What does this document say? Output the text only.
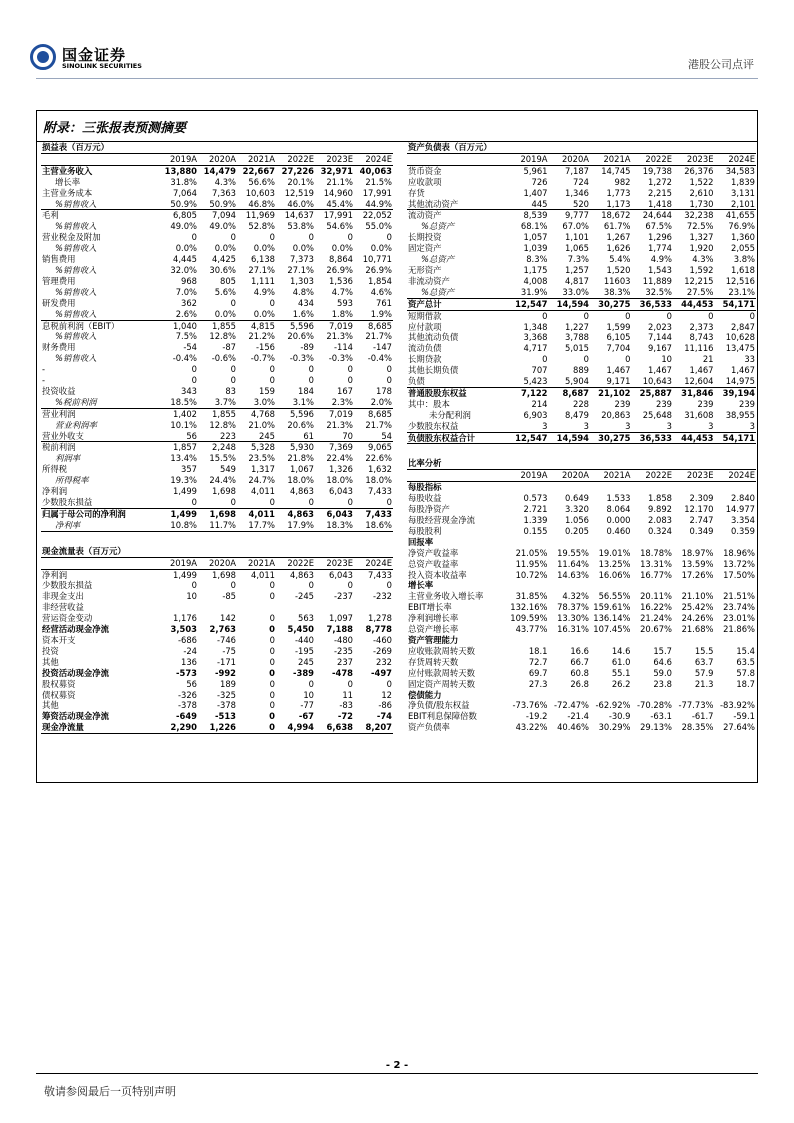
国金证券
SINOLINK SECURITIES	港股公司点评
附录：三张报表预测摘要
损益表（百万元）						
	2019A	2020A	2021A	2022E	2023E	2024E
主营业务收入	13,880	14,479	22,667	27,226	32,971	40,063
增长率	31.8%	4.3%	56.6%	20.1%	21.1%	21.5%
主营业务成本	7,064	7,363	10,603	12,519	14,960	17,991
%销售收入	50.9%	50.9%	46.8%	46.0%	45.4%	44.9%
毛利	6,805	7,094	11,969	14,637	17,991	22,052
%销售收入	49.0%	49.0%	52.8%	53.8%	54.6%	55.0%
营业税金及附加	0	0	0	0	0	0
%销售收入	0.0%	0.0%	0.0%	0.0%	0.0%	0.0%
销售费用	4,445	4,425	6,138	7,373	8,864	10,771
%销售收入	32.0%	30.6%	27.1%	27.1%	26.9%	26.9%
管理费用	968	805	1,111	1,303	1,536	1,854
%销售收入	7.0%	5.6%	4.9%	4.8%	4.7%	4.6%
研发费用	362	0	0	434	593	761
%销售收入	2.6%	0.0%	0.0%	1.6%	1.8%	1.9%
息税前利润（EBIT）	1,040	1,855	4,815	5,596	7,019	8,685
%销售收入	7.5%	12.8%	21.2%	20.6%	21.3%	21.7%
财务费用	-54	-87	-156	-89	-114	-147
%销售收入	-0.4%	-0.6%	-0.7%	-0.3%	-0.3%	-0.4%
-	0	0	0	0	0	0
-	0	0	0	0	0	0
投资收益	343	83	159	184	167	178
%税前利润	18.5%	3.7%	3.0%	3.1%	2.3%	2.0%
营业利润	1,402	1,855	4,768	5,596	7,019	8,685
营业利润率	10.1%	12.8%	21.0%	20.6%	21.3%	21.7%
营业外收支	56	223	245	61	70	54
税前利润	1,857	2,248	5,328	5,930	7,369	9,065
利润率	13.4%	15.5%	23.5%	21.8%	22.4%	22.6%
所得税	357	549	1,317	1,067	1,326	1,632
所得税率	19.3%	24.4%	24.7%	18.0%	18.0%	18.0%
净利润	1,499	1,698	4,011	4,863	6,043	7,433
少数股东损益	0	0	0	0	0	0
归属于母公司的净利润	1,499	1,698	4,011	4,863	6,043	7,433
净利率	10.8%	11.7%	17.7%	17.9%	18.3%	18.6%
现金流量表（百万元）						
	2019A	2020A	2021A	2022E	2023E	2024E
净利润	1,499	1,698	4,011	4,863	6,043	7,433
少数股东损益	0	0	0	0	0	0
非现金支出	10	-85	0	-245	-237	-232
非经营收益						
营运资金变动	1,176	142	0	563	1,097	1,278
经营活动现金净流	3,503	2,763	0	5,450	7,188	8,778
资本开支	-686	-746	0	-440	-480	-460
投资	-24	-75	0	-195	-235	-269
其他	136	-171	0	245	237	232
投资活动现金净流	-573	-992	0	-389	-478	-497
股权募资	56	189	0	0	0	0
债权募资	-326	-325	0	10	11	12
其他	-378	-378	0	-77	-83	-86
筹资活动现金净流	-649	-513	0	-67	-72	-74
现金净流量	2,290	1,226	0	4,994	6,638	8,207
资产负债表（百万元）						
	2019A	2020A	2021A	2022E	2023E	2024E
货币资金	5,961	7,187	14,745	19,738	26,376	34,583
应收款项	726	724	982	1,272	1,522	1,839
存货	1,407	1,346	1,773	2,215	2,610	3,131
其他流动资产	445	520	1,173	1,418	1,730	2,101
流动资产	8,539	9,777	18,672	24,644	32,238	41,655
%总资产	68.1%	67.0%	61.7%	67.5%	72.5%	76.9%
长期投资	1,057	1,101	1,267	1,296	1,327	1,360
固定资产	1,039	1,065	1,626	1,774	1,920	2,055
%总资产	8.3%	7.3%	5.4%	4.9%	4.3%	3.8%
无形资产	1,175	1,257	1,520	1,543	1,592	1,618
非流动资产	4,008	4,817	11603	11,889	12,215	12,516
%总资产	31.9%	33.0%	38.3%	32.5%	27.5%	23.1%
资产总计	12,547	14,594	30,275	36,533	44,453	54,171
短期借款	0	0	0	0	0	0
应付款项	1,348	1,227	1,599	2,023	2,373	2,847
其他流动负债	3,368	3,788	6,105	7,144	8,743	10,628
流动负债	4,717	5,015	7,704	9,167	11,116	13,475
长期贷款	0	0	0	10	21	33
其他长期负债	707	889	1,467	1,467	1,467	1,467
负债	5,423	5,904	9,171	10,643	12,604	14,975
普通股股东权益	7,122	8,687	21,102	25,887	31,846	39,194
其中：股本	214	228	239	239	239	239
未分配利润	6,903	8,479	20,863	25,648	31,608	38,955
少数股东权益	3	3	3	3	3	3
负债股东权益合计	12,547	14,594	30,275	36,533	44,453	54,171
比率分析						
	2019A	2020A	2021A	2022E	2023E	2024E
每股指标						
每股收益	0.573	0.649	1.533	1.858	2.309	2.840
每股净资产	2.721	3.320	8.064	9.892	12.170	14.977
每股经营现金净流	1.339	1.056	0.000	2.083	2.747	3.354
每股股利	0.155	0.205	0.460	0.324	0.349	0.359
回报率						
净资产收益率	21.05%	19.55%	19.01%	18.78%	18.97%	18.96%
总资产收益率	11.95%	11.64%	13.25%	13.31%	13.59%	13.72%
投入资本收益率	10.72%	14.63%	16.06%	16.77%	17.26%	17.50%
增长率						
主营业务收入增长率	31.85%	4.32%	56.55%	20.11%	21.10%	21.51%
EBIT增长率	132.16%	78.37%	159.61%	16.22%	25.42%	23.74%
净利润增长率	109.59%	13.30%	136.14%	21.24%	24.26%	23.01%
总资产增长率	43.77%	16.31%	107.45%	20.67%	21.68%	21.86%
资产管理能力						
应收账款周转天数	18.1	16.6	14.6	15.7	15.5	15.4
存货周转天数	72.7	66.7	61.0	64.6	63.7	63.5
应付账款周转天数	69.7	60.8	55.1	59.0	57.9	57.8
固定资产周转天数	27.3	26.8	26.2	23.8	21.3	18.7
偿债能力						
净负债/股东权益	-73.76%	-72.47%	-62.92%	-70.28%	-77.73%	-83.92%
EBIT利息保障倍数	-19.2	-21.4	-30.9	-63.1	-61.7	-59.1
资产负债率	43.22%	40.46%	30.29%	29.13%	28.35%	27.64%
- 2 -
敬请参阅最后一页特别声明
